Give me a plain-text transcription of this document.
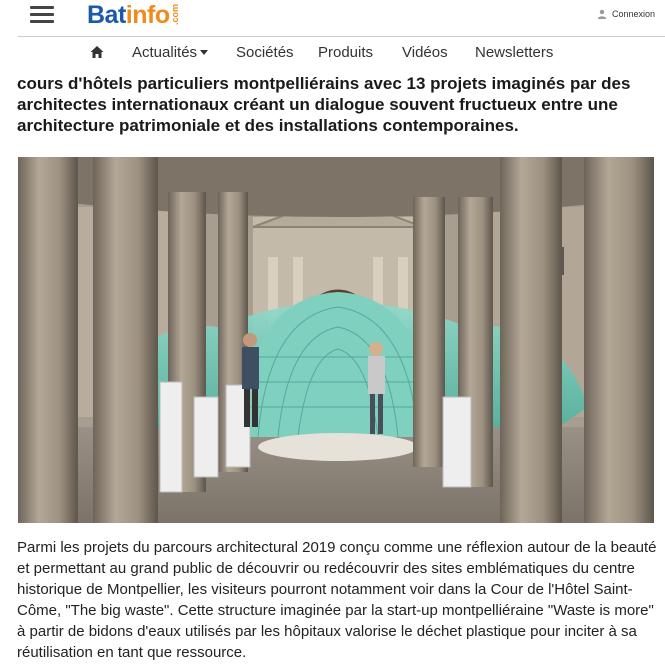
Bat info .com	Connexion
Actualités	Sociétés Produits Vidéos Newsletters
cours d'hôtels particuliers montpelliérains avec 13 projets imaginés par des
architectes internationaux créant un dialogue souvent fructueux entre une
architecture patrimoniale et des installations contemporaines.
Parmi les projets du parcours architectural 2019 conçu comme une réflexion autour de la beauté et permettant au grand public de découvrir ou redécouvrir des sites emblématiques du centre historique de Montpellier, les visiteurs pourront notamment voir dans la Cour de l'Hôtel Saint-Côme, "The big waste". Cette structure imaginée par la start-up montpelliéraine "Waste is more" à partir de bidons d'eaux utilisés par les hôpitaux valorise le déchet plastique pour inciter à sa réutilisation en tant que ressource.
